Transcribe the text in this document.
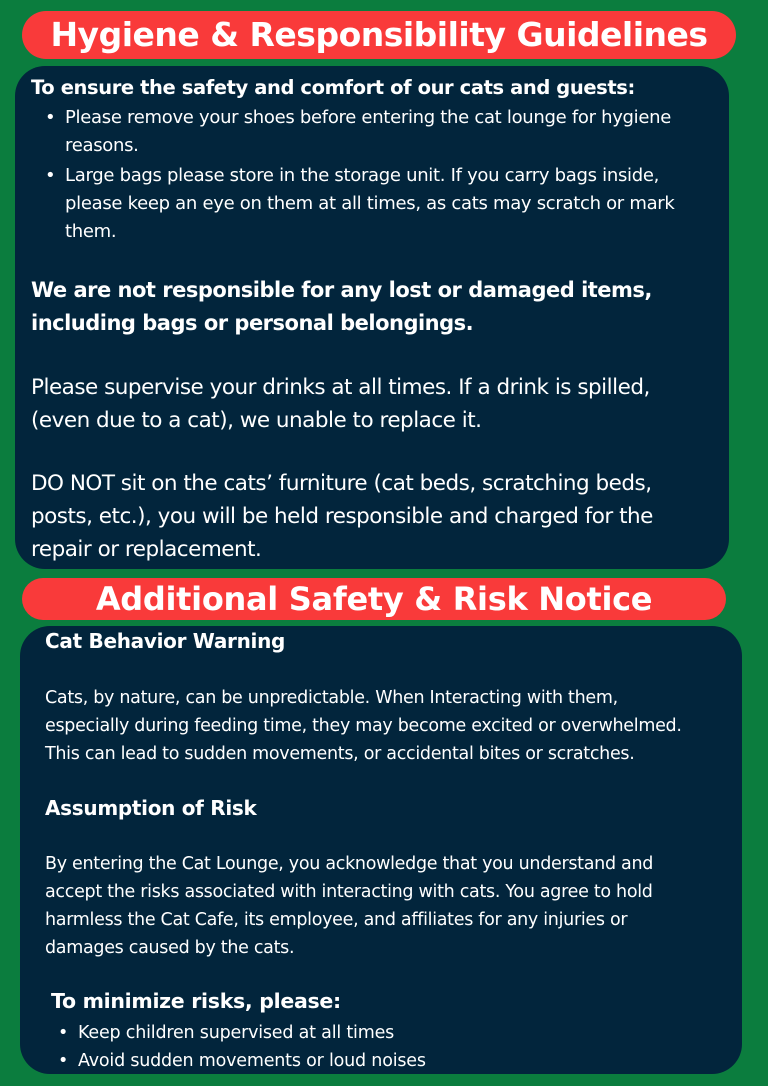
Hygiene & Responsibility Guidelines
To ensure the safety and comfort of our cats and guests:
• Please remove your shoes before entering the cat lounge for hygiene
reasons.
• Large bags please store in the storage unit. If you carry bags inside,
please keep an eye on them at all times, as cats may scratch or mark
them.
We are not responsible for any lost or damaged items,
including bags or personal belongings.
Please supervise your drinks at all times. If a drink is spilled,
(even due to a cat), we unable to replace it.
DO NOT sit on the cats’ furniture (cat beds, scratching beds,
posts, etc.), you will be held responsible and charged for the
repair or replacement.
Additional Safety & Risk Notice
Cat Behavior Warning
Cats, by nature, can be unpredictable. When Interacting with them,
especially during feeding time, they may become excited or overwhelmed.
This can lead to sudden movements, or accidental bites or scratches.
Assumption of Risk
By entering the Cat Lounge, you acknowledge that you understand and
accept the risks associated with interacting with cats. You agree to hold
harmless the Cat Cafe, its employee, and affiliates for any injuries or
damages caused by the cats.
To minimize risks, please:
• Keep children supervised at all times
• Avoid sudden movements or loud noises
